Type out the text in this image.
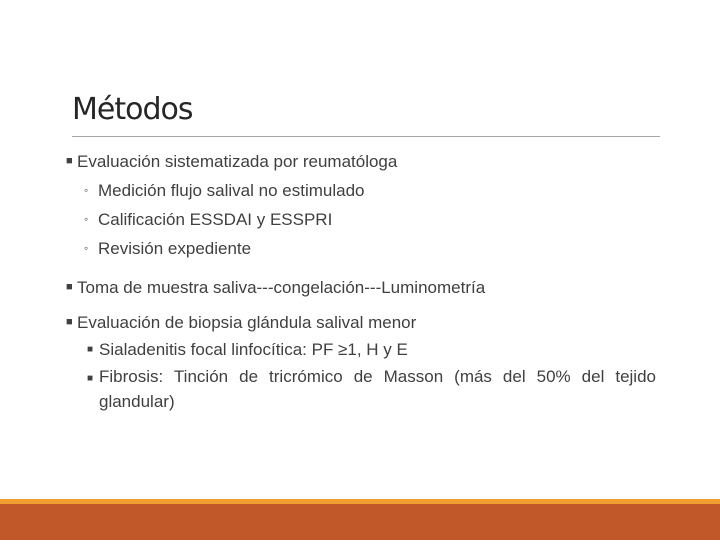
Métodos
■ Evaluación sistematizada por reumatóloga
◦ Medición flujo salival no estimulado
◦ Calificación ESSDAI y ESSPRI
◦ Revisión expediente
■ Toma de muestra saliva---congelación---Luminometría
■ Evaluación de biopsia glándula salival menor
■ Sialadenitis focal linfocítica: PF ≥1, H y E
■ Fibrosis: Tinción de tricrómico de Masson (más del 50% del tejido glandular)
